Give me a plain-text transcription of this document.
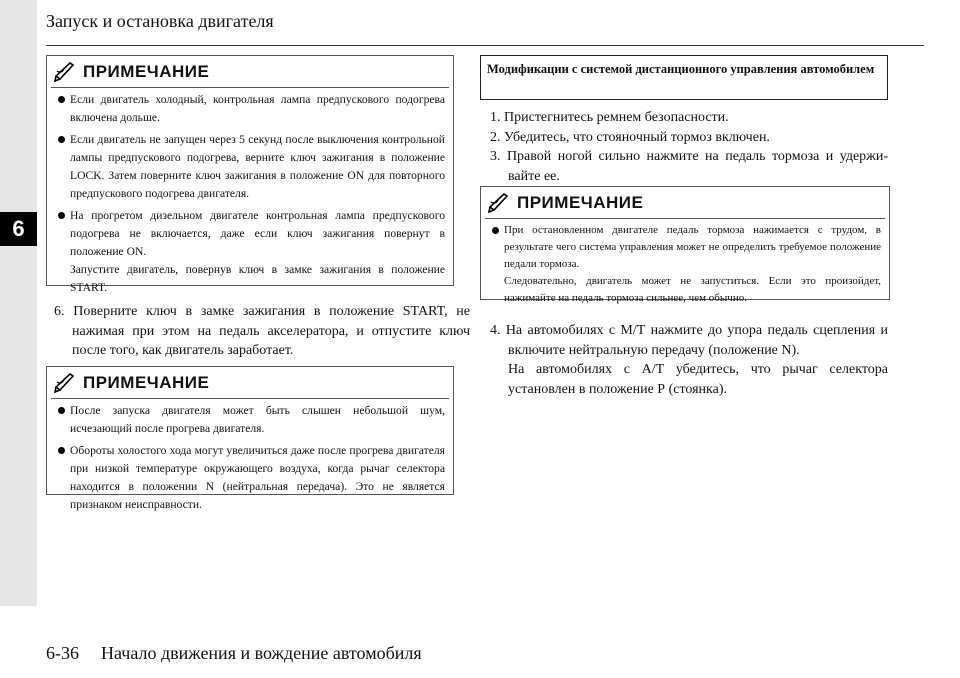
6
Запуск и остановка двигателя
ПРИМЕЧАНИЕ
Если двигатель холодный, контрольная лампа предпускового подогрева включена дольше.
Если двигатель не запущен через 5 секунд после выключения контрольной лампы предпускового подогрева, верните ключ зажигания в положение LOCK. Затем поверните ключ зажигания в положение ON для повторного предпускового подогрева двигателя.
На прогретом дизельном двигателе контрольная лампа предпускового подогрева не включается, даже если ключ зажигания повернут в положение ON.
Запустите двигатель, повернув ключ в замке зажигания в положение START.
6. Поверните ключ в замке зажигания в положение START, не нажимая при этом на педаль акселератора, и отпустите ключ после того, как двигатель заработает.
ПРИМЕЧАНИЕ
После запуска двигателя может быть слышен небольшой шум, исчезающий после прогрева двигателя.
Обороты холостого хода могут увеличиться даже после прогрева двигателя при низкой температуре окружающего воздуха, когда рычаг селектора находится в положении N (нейтральная передача). Это не является признаком неисправности.
Модификации с системой дистанционного управления автомобилем
1. Пристегнитесь ремнем безопасности.
2. Убедитесь, что стояночный тормоз включен.
3. Правой ногой сильно нажмите на педаль тормоза и удерживайте ее.
ПРИМЕЧАНИЕ
При остановленном двигателе педаль тормоза нажимается с трудом, в результате чего система управления может не определить требуемое положение педали тормоза.
Следовательно, двигатель может не запуститься. Если это произойдет, нажимайте на педаль тормоза сильнее, чем обычно.
4. На автомобилях с М/Т нажмите до упора педаль сцепления и включите нейтральную передачу (положение N).
На автомобилях с А/Т убедитесь, что рычаг селектора установлен в положение Р (стоянка).
6-36 Начало движения и вождение автомобиля
